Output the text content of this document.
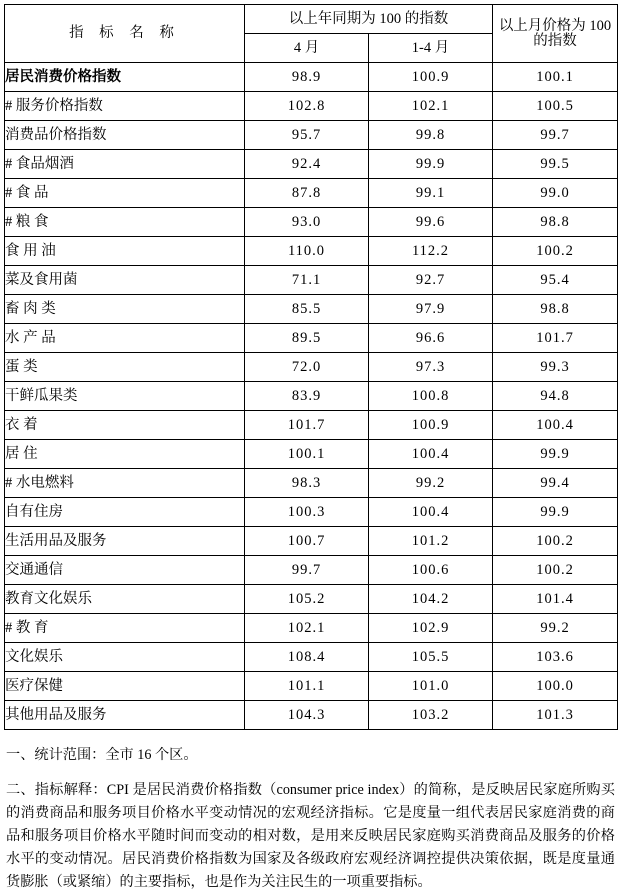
指 标 名 称	以上年同期为 100 的指数		以上月价格为 100 的指数
	4 月	1-4 月	
居民消费价格指数	98.9	100.9	100.1
# 服务价格指数	102.8	102.1	100.5
消费品价格指数	95.7	99.8	99.7
# 食品烟酒	92.4	99.9	99.5
# 食 品	87.8	99.1	99.0
# 粮 食	93.0	99.6	98.8
食 用 油	110.0	112.2	100.2
菜及食用菌	71.1	92.7	95.4
畜 肉 类	85.5	97.9	98.8
水 产 品	89.5	96.6	101.7
蛋 类	72.0	97.3	99.3
干鲜瓜果类	83.9	100.8	94.8
衣 着	101.7	100.9	100.4
居 住	100.1	100.4	99.9
# 水电燃料	98.3	99.2	99.4
自有住房	100.3	100.4	99.9
生活用品及服务	100.7	101.2	100.2
交通通信	99.7	100.6	100.2
教育文化娱乐	105.2	104.2	101.4
# 教 育	102.1	102.9	99.2
文化娱乐	108.4	105.5	103.6
医疗保健	101.1	101.0	100.0
其他用品及服务	104.3	103.2	101.3

一、统计范围：全市 16 个区。

二、指标解释：CPI 是居民消费价格指数（consumer price index）的简称，是反映居民家庭所购买的消费商品和服务项目价格水平变动情况的宏观经济指标。它是度量一组代表居民家庭消费的商品和服务项目价格水平随时间而变动的相对数，是用来反映居民家庭购买消费商品及服务的价格水平的变动情况。居民消费价格指数为国家及各级政府宏观经济调控提供决策依据，既是度量通货膨胀（或紧缩）的主要指标，也是作为关注民生的一项重要指标。
